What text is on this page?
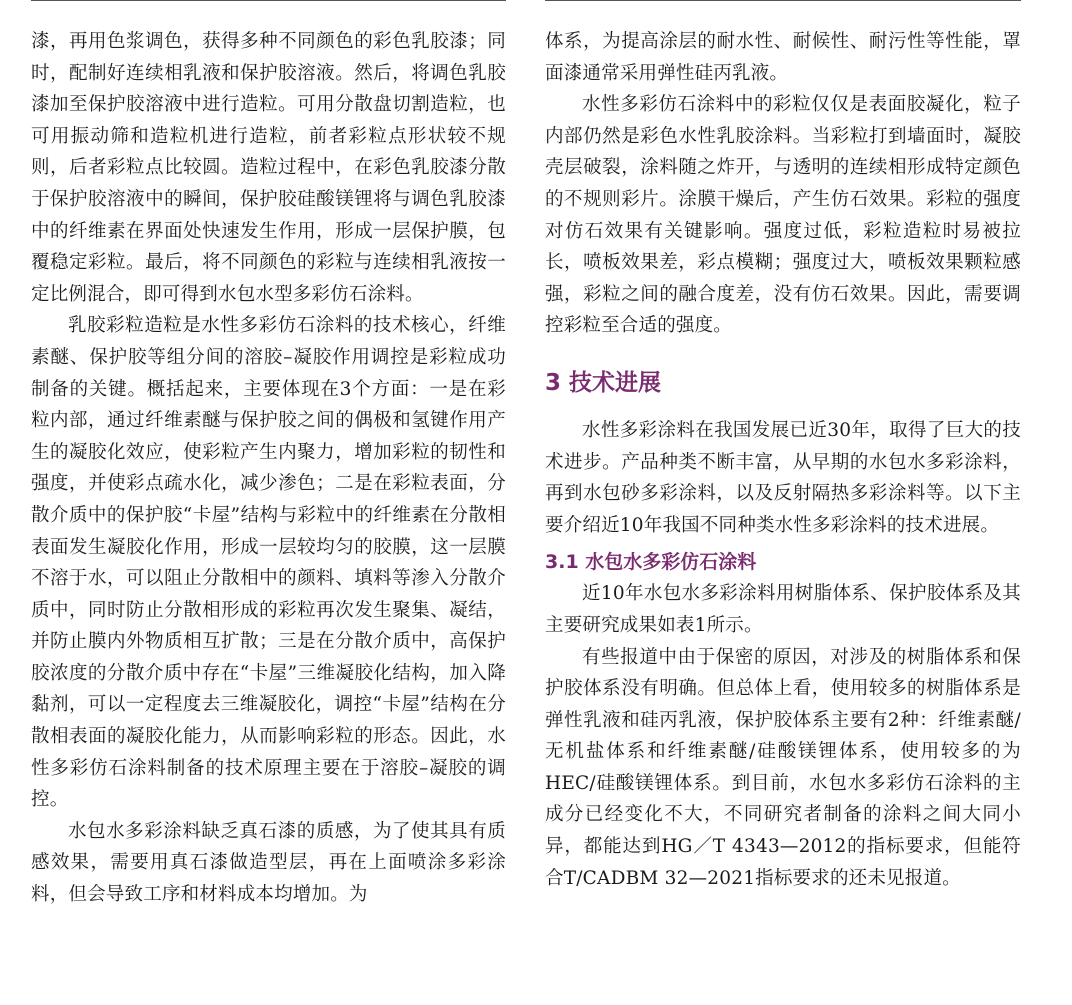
漆，再用色浆调色，获得多种不同颜色的彩色乳胶漆；同时，配制好连续相乳液和保护胶溶液。然后，将调色乳胶漆加至保护胶溶液中进行造粒。可用分散盘切割造粒，也可用振动筛和造粒机进行造粒，前者彩粒点形状较不规则，后者彩粒点比较圆。造粒过程中，在彩色乳胶漆分散于保护胶溶液中的瞬间，保护胶硅酸镁锂将与调色乳胶漆中的纤维素在界面处快速发生作用，形成一层保护膜，包覆稳定彩粒。最后，将不同颜色的彩粒与连续相乳液按一定比例混合，即可得到水包水型多彩仿石涂料。

乳胶彩粒造粒是水性多彩仿石涂料的技术核心，纤维素醚、保护胶等组分间的溶胶–凝胶作用调控是彩粒成功制备的关键。概括起来，主要体现在3个方面：一是在彩粒内部，通过纤维素醚与保护胶之间的偶极和氢键作用产生的凝胶化效应，使彩粒产生内聚力，增加彩粒的韧性和强度，并使彩点疏水化，减少渗色；二是在彩粒表面，分散介质中的保护胶“卡屋”结构与彩粒中的纤维素在分散相表面发生凝胶化作用，形成一层较均匀的胶膜，这一层膜不溶于水，可以阻止分散相中的颜料、填料等渗入分散介质中，同时防止分散相形成的彩粒再次发生聚集、凝结，并防止膜内外物质相互扩散；三是在分散介质中，高保护胶浓度的分散介质中存在“卡屋”三维凝胶化结构，加入降黏剂，可以一定程度去三维凝胶化，调控“卡屋”结构在分散相表面的凝胶化能力，从而影响彩粒的形态。因此，水性多彩仿石涂料制备的技术原理主要在于溶胶–凝胶的调控。

水包水多彩涂料缺乏真石漆的质感，为了使其具有质感效果，需要用真石漆做造型层，再在上面喷涂多彩涂料，但会导致工序和材料成本均增加。为

体系，为提高涂层的耐水性、耐候性、耐污性等性能，罩面漆通常采用弹性硅丙乳液。

水性多彩仿石涂料中的彩粒仅仅是表面胶凝化，粒子内部仍然是彩色水性乳胶涂料。当彩粒打到墙面时，凝胶壳层破裂，涂料随之炸开，与透明的连续相形成特定颜色的不规则彩片。涂膜干燥后，产生仿石效果。彩粒的强度对仿石效果有关键影响。强度过低，彩粒造粒时易被拉长，喷板效果差，彩点模糊；强度过大，喷板效果颗粒感强，彩粒之间的融合度差，没有仿石效果。因此，需要调控彩粒至合适的强度。

3 技术进展

水性多彩涂料在我国发展已近30年，取得了巨大的技术进步。产品种类不断丰富，从早期的水包水多彩涂料，再到水包砂多彩涂料，以及反射隔热多彩涂料等。以下主要介绍近10年我国不同种类水性多彩涂料的技术进展。

3.1 水包水多彩仿石涂料

近10年水包水多彩涂料用树脂体系、保护胶体系及其主要研究成果如表1所示。

有些报道中由于保密的原因，对涉及的树脂体系和保护胶体系没有明确。但总体上看，使用较多的树脂体系是弹性乳液和硅丙乳液，保护胶体系主要有2种：纤维素醚/无机盐体系和纤维素醚/硅酸镁锂体系，使用较多的为HEC/硅酸镁锂体系。到目前，水包水多彩仿石涂料的主成分已经变化不大，不同研究者制备的涂料之间大同小异，都能达到HG／T 4343—2012的指标要求，但能符合T/CADBM 32—2021指标要求的还未见报道。
